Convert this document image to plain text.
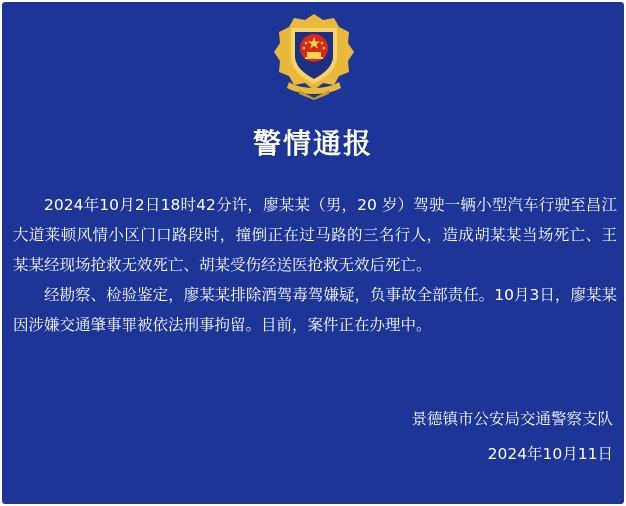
警情通报

2024年10月2日18时42分许，廖某某（男，20 岁）驾驶一辆小型汽车行驶至昌江大道莱顿风情小区门口路段时，撞倒正在过马路的三名行人，造成胡某某当场死亡、王某某经现场抢救无效死亡、胡某受伤经送医抢救无效后死亡。

经勘察、检验鉴定，廖某某排除酒驾毒驾嫌疑，负事故全部责任。10月3日，廖某某因涉嫌交通肇事罪被依法刑事拘留。目前，案件正在办理中。

景德镇市公安局交通警察支队
2024年10月11日
